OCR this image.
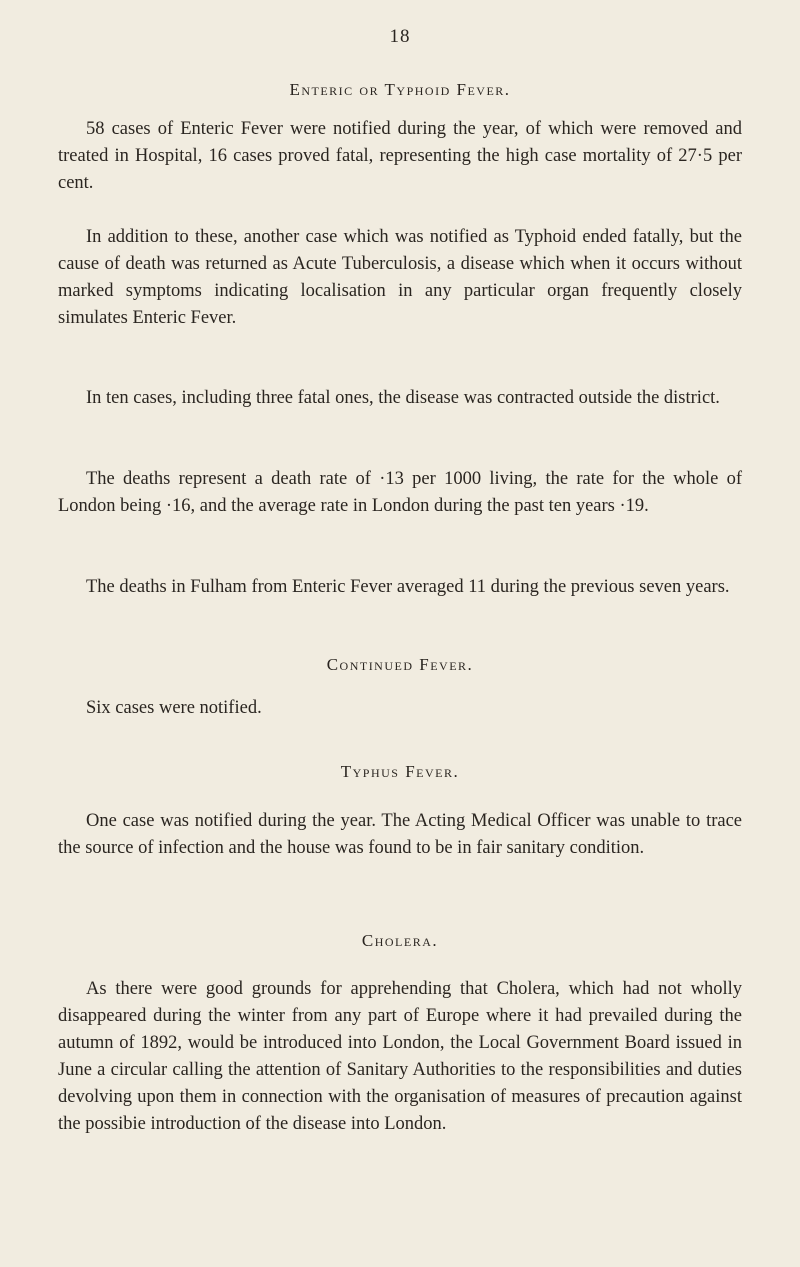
18
Enteric or Typhoid Fever.

58 cases of Enteric Fever were notified during the year, of which were removed and treated in Hospital, 16 cases proved fatal, representing the high case mortality of 27·5 per cent.

In addition to these, another case which was notified as Typhoid ended fatally, but the cause of death was returned as Acute Tuberculosis, a disease which when it occurs without marked symptoms indicating localisation in any particular organ frequently closely simulates Enteric Fever.

In ten cases, including three fatal ones, the disease was contracted outside the district.

The deaths represent a death rate of ·13 per 1000 living, the rate for the whole of London being ·16, and the average rate in London during the past ten years ·19.

The deaths in Fulham from Enteric Fever averaged 11 during the previous seven years.

Continued Fever.

Six cases were notified.

Typhus Fever.

One case was notified during the year. The Acting Medical Officer was unable to trace the source of infection and the house was found to be in fair sanitary condition.

Cholera.

As there were good grounds for apprehending that Cholera, which had not wholly disappeared during the winter from any part of Europe where it had prevailed during the autumn of 1892, would be introduced into London, the Local Government Board issued in June a circular calling the attention of Sanitary Authorities to the responsibilities and duties devolving upon them in connection with the organisation of measures of precaution against the possibie introduction of the disease into London.
